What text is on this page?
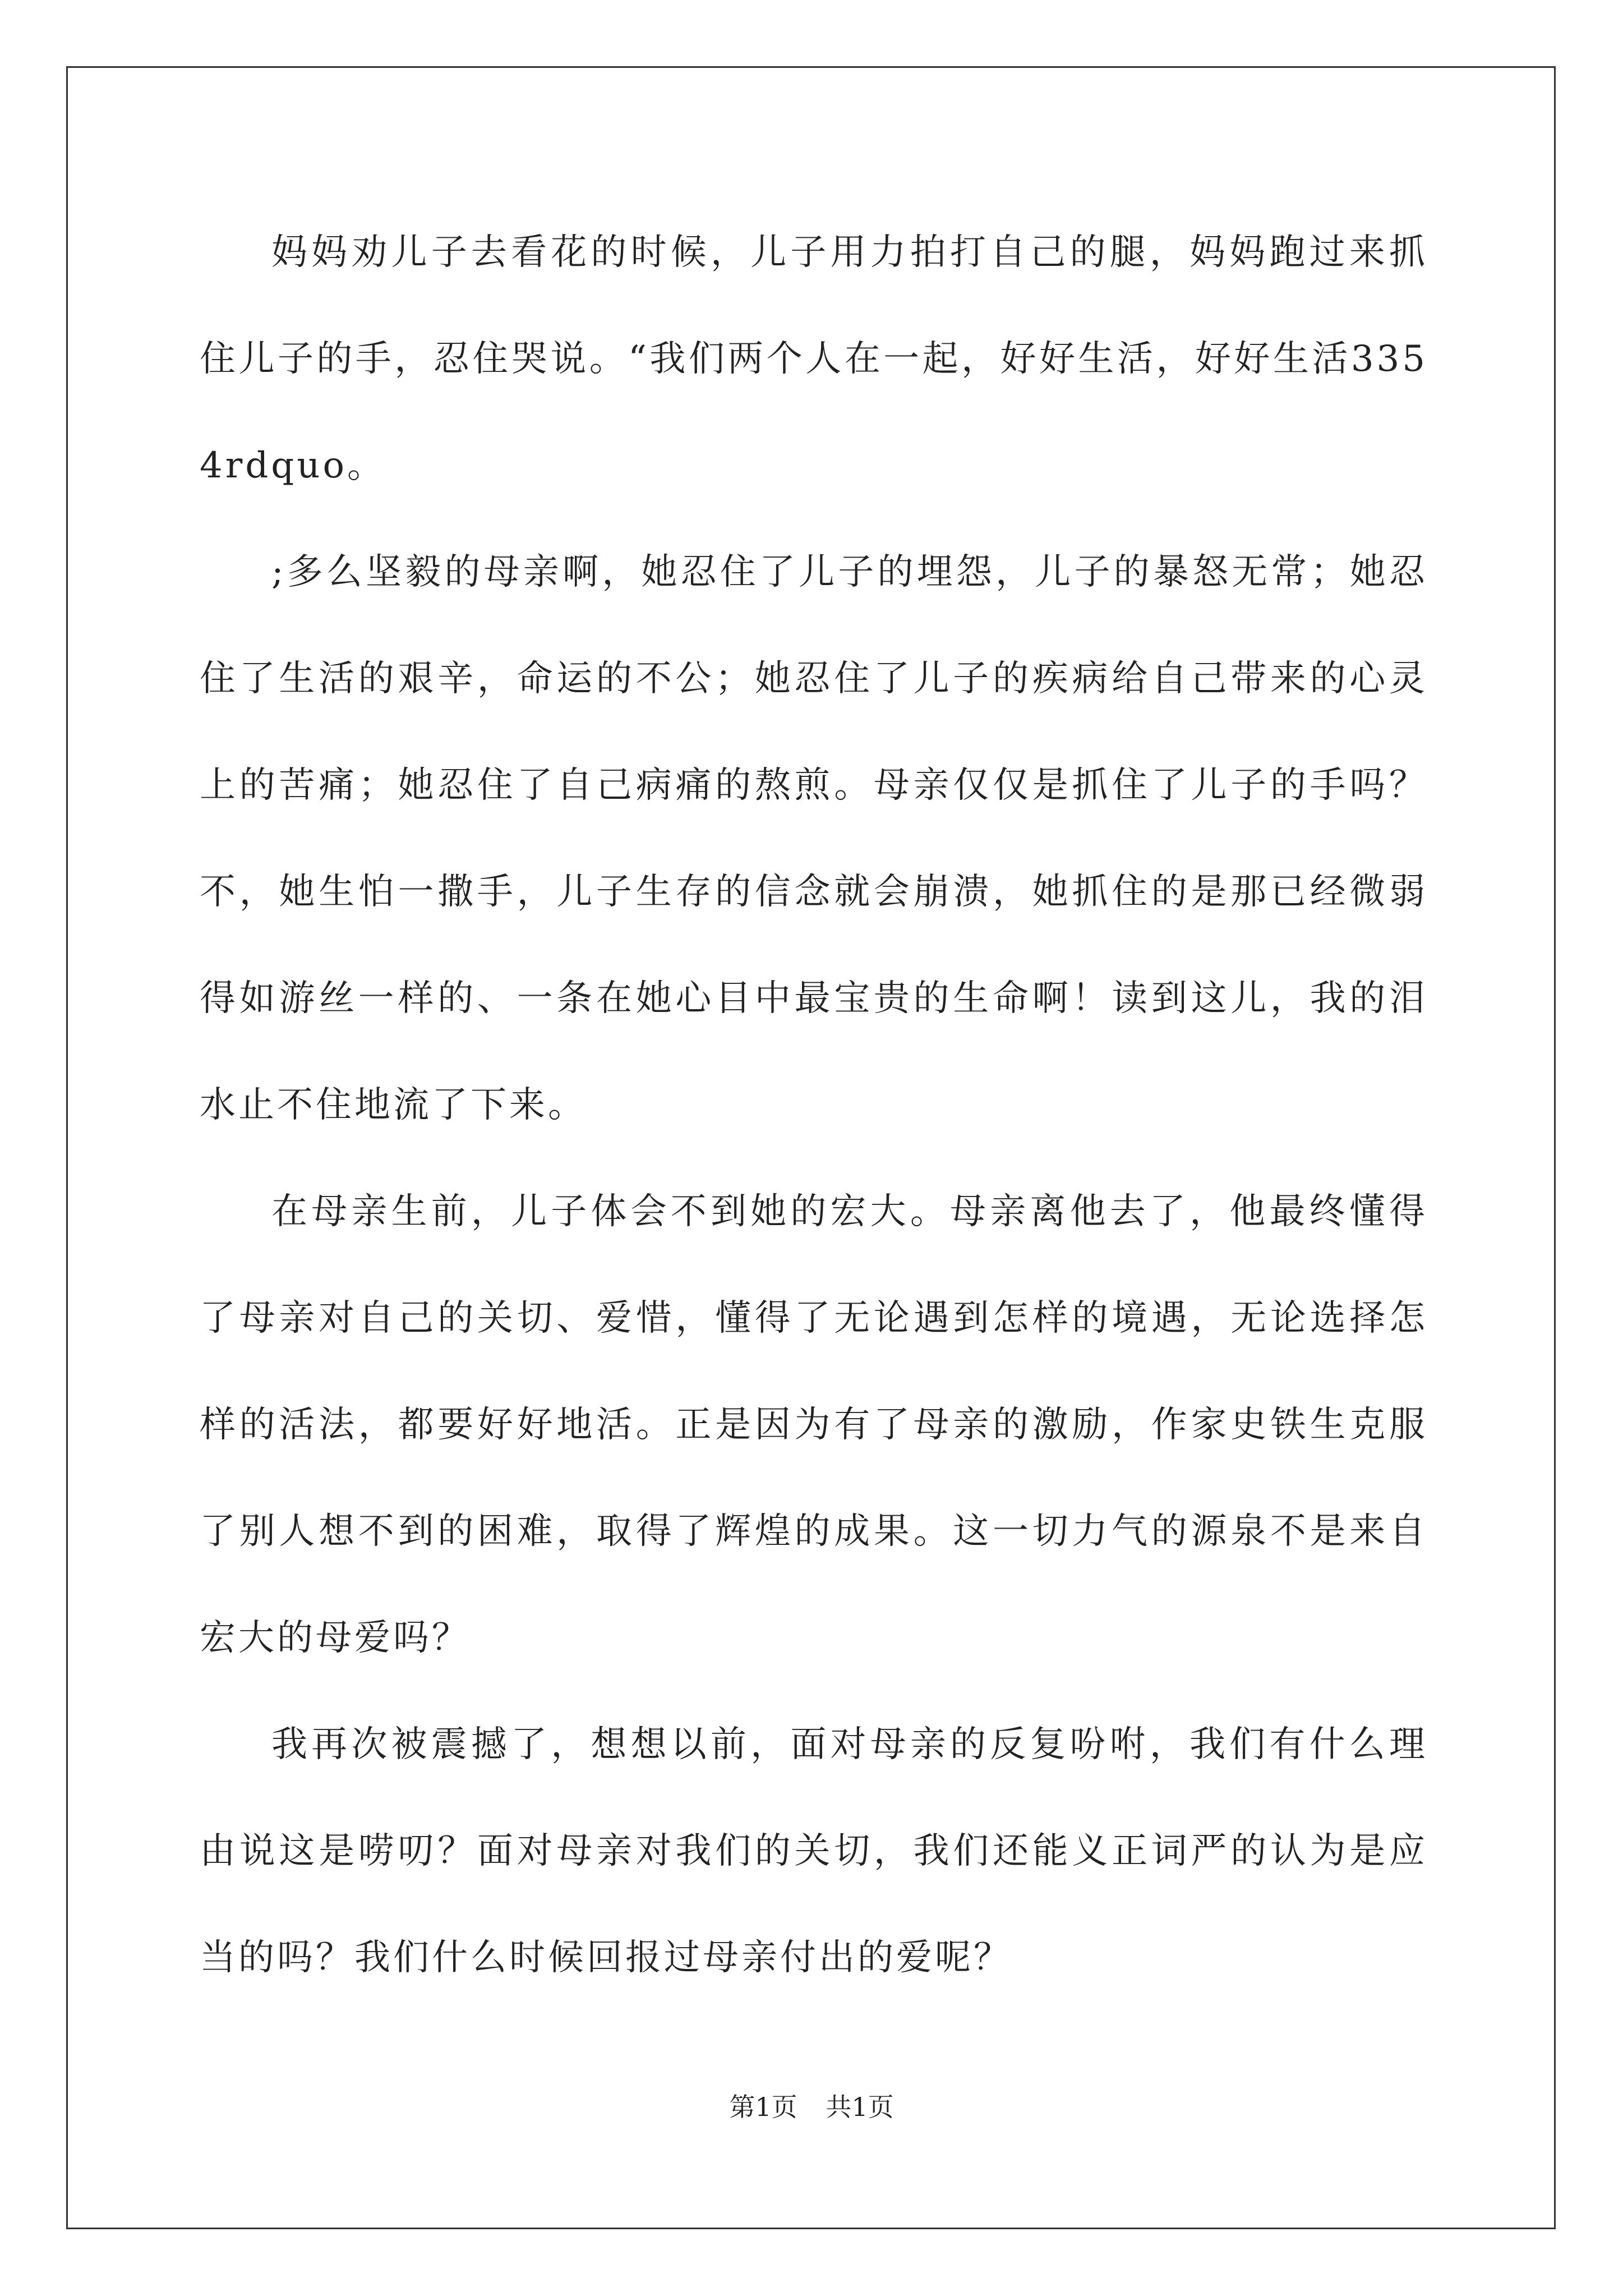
妈妈劝儿子去看花的时候，儿子用力拍打自己的腿，妈妈跑过来抓住儿子的手，忍住哭说。“我们两个人在一起，好好生活，好好生活3354rdquo。

;多么坚毅的母亲啊，她忍住了儿子的埋怨，儿子的暴怒无常；她忍住了生活的艰辛，命运的不公；她忍住了儿子的疾病给自己带来的心灵上的苦痛；她忍住了自己病痛的熬煎。母亲仅仅是抓住了儿子的手吗？不，她生怕一撒手，儿子生存的信念就会崩溃，她抓住的是那已经微弱得如游丝一样的、一条在她心目中最宝贵的生命啊！读到这儿，我的泪水止不住地流了下来。

在母亲生前，儿子体会不到她的宏大。母亲离他去了，他最终懂得了母亲对自己的关切、爱惜，懂得了无论遇到怎样的境遇，无论选择怎样的活法，都要好好地活。正是因为有了母亲的激励，作家史铁生克服了别人想不到的困难，取得了辉煌的成果。这一切力气的源泉不是来自宏大的母爱吗？

我再次被震撼了，想想以前，面对母亲的反复吩咐，我们有什么理由说这是唠叨？面对母亲对我们的关切，我们还能义正词严的认为是应当的吗？我们什么时候回报过母亲付出的爱呢？

第1页 共1页
